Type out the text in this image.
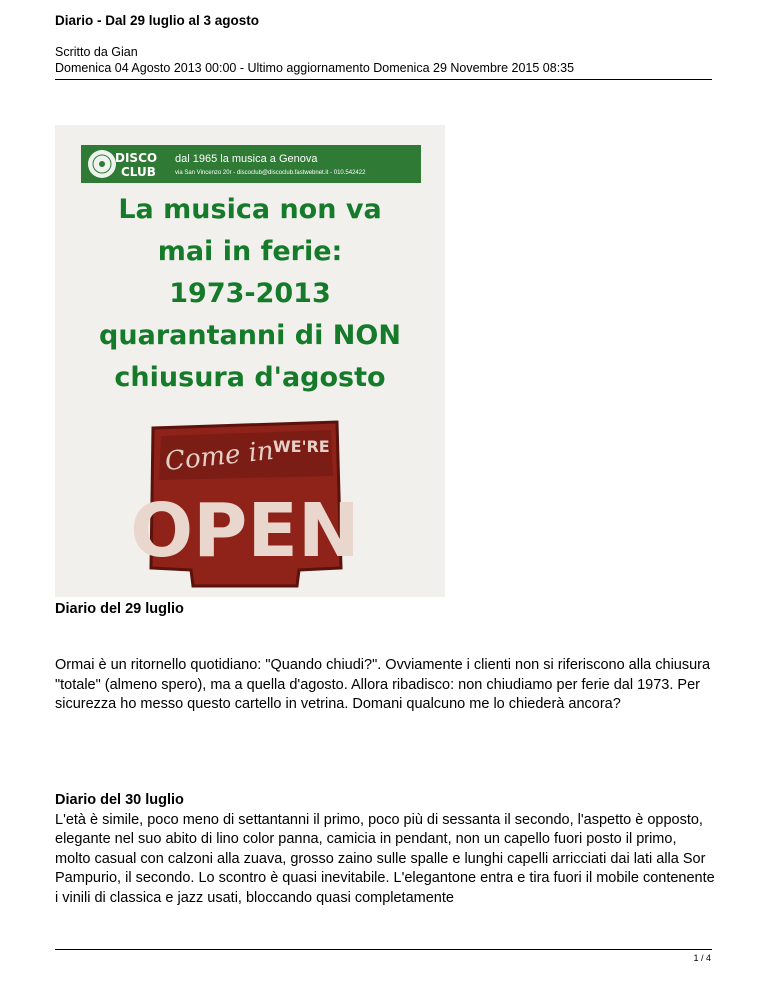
Diario - Dal 29 luglio al 3 agosto
Scritto da Gian
Domenica 04 Agosto 2013 00:00 - Ultimo aggiornamento Domenica 29 Novembre 2015 08:35
DISCO
CLUB
dal 1965 la musica a Genova
via San Vincenzo 20r - discoclub@discoclub.fastwebnet.it - 010.542422
La musica non va
mai in ferie:
1973-2013
quarantanni di NON
chiusura d'agosto
Come in
WE'RE
OPEN
Diario del 29 luglio

Ormai è un ritornello quotidiano: "Quando chiudi?". Ovviamente i clienti non si riferiscono alla chiusura "totale" (almeno spero), ma a quella d'agosto. Allora ribadisco: non chiudiamo per ferie dal 1973. Per sicurezza ho messo questo cartello in vetrina. Domani qualcuno me lo chiederà ancora?

Diario del 30 luglio

L'età è simile, poco meno di settantanni il primo, poco più di sessanta il secondo, l'aspetto è opposto, elegante nel suo abito di lino color panna, camicia in pendant, non un capello fuori posto il primo, molto casual con calzoni alla zuava, grosso zaino sulle spalle e lunghi capelli arricciati dai lati alla Sor Pampurio, il secondo. Lo scontro è quasi inevitabile. L'elegantone entra e tira fuori il mobile contenente i vinili di classica e jazz usati, bloccando quasi completamente

1 / 4
